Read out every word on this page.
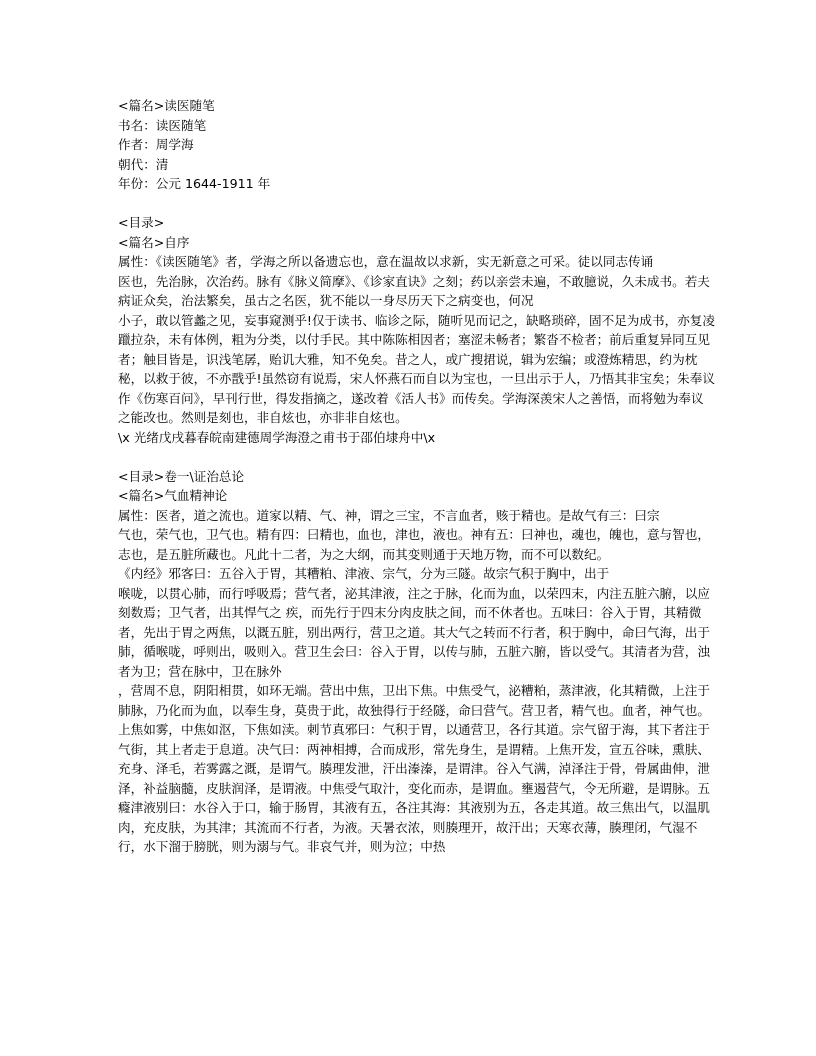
<篇名>读医随笔
书名：读医随笔
作者：周学海
朝代：清
年份：公元 1644-1911 年
<目录>
<篇名>自序
属性：《读医随笔》者，学海之所以备遗忘也，意在温故以求新，实无新意之可采。徒以同志传诵
医也，先治脉，次治药。脉有《脉义简摩》、《诊家直诀》之刻；药以亲尝未遍，不敢臆说，久未成书。若夫病证众矣，治法繁矣，虽古之名医，犹不能以一身尽历天下之病变也，何况
小子，敢以管蠡之见，妄事窥测乎!仅于读书、临诊之际，随听见而记之，缺略琐碎，固不足为成书，亦复凌躐拉杂，未有体例，粗为分类，以付手民。其中陈陈相因者；塞涩未畅者；繁沓不检者；前后重复异同互见者；触目皆是，识浅笔孱，贻讥大雅，知不免矣。昔之人，或广搜捃说，辑为宏编；或澄炼精思，约为枕秘，以救于彼，不亦戬乎!虽然窃有说焉，宋人怀燕石而自以为宝也，一旦出示于人，乃悟其非宝矣；朱奉议作《伤寒百问》，早刊行世，得发指摘之，遂改着《活人书》而传矣。学海深羡宋人之善悟，而将勉为奉议之能改也。然则是刻也，非自炫也，亦非非自炫也。
\x 光绪戊戌暮春皖南建德周学海澄之甫书于邵伯埭舟中\x
<目录>卷一\证治总论
<篇名>气血精神论
属性：医者，道之流也。道家以精、气、神，谓之三宝，不言血者，赅于精也。是故气有三：曰宗
气也，荣气也，卫气也。精有四：曰精也，血也，津也，液也。神有五：曰神也，魂也，魄也，意与智也，志也，是五脏所藏也。凡此十二者，为之大纲，而其变则通于天地万物，而不可以数纪。
《内经》邪客曰：五谷入于胃，其糟粕、津液、宗气，分为三隧。故宗气积于胸中，出于
喉咙，以贯心肺，而行呼吸焉；营气者，泌其津液，注之于脉，化而为血，以荣四末，内注五脏六腑，以应刻数焉；卫气者，出其悍气之 疾，而先行于四末分肉皮肤之间，而不休者也。五味曰：谷入于胃，其精微者，先出于胃之两焦，以溉五脏，别出两行，营卫之道。其大气之转而不行者，积于胸中，命曰气海，出于肺，循喉咙，呼则出，吸则入。营卫生会曰：谷入于胃，以传与肺，五脏六腑，皆以受气。其清者为营，浊者为卫；营在脉中，卫在脉外
，营周不息，阴阳相贯，如环无端。营出中焦，卫出下焦。中焦受气，泌糟粕，蒸津液，化其精微，上注于肺脉，乃化而为血，以奉生身，莫贵于此，故独得行于经隧，命曰营气。营卫者，精气也。血者，神气也。上焦如雾，中焦如沤，下焦如渎。刺节真邪曰：气积于胃，以通营卫，各行其道。宗气留于海，其下者注于气街，其上者走于息道。决气曰：两神相搏，合而成形，常先身生，是谓精。上焦开发，宣五谷味，熏肤、充身、泽毛，若雾露之溉，是谓气。腠理发泄，汗出溱溱，是谓津。谷入气满，淖泽注于骨，骨属曲伸，泄泽，补益脑髓，皮肤润泽，是谓液。中焦受气取汁，变化而赤，是谓血。壅遏营气，令无所避，是谓脉。五癃津液别曰：水谷入于口，输于肠胃，其液有五，各注其海：其液别为五，各走其道。故三焦出气，以温肌肉，充皮肤，为其津；其流而不行者，为液。天暑衣浓，则腠理开，故汗出；天寒衣薄，腠理闭，气湿不行，水下溜于膀胱，则为溺与气。非哀气并，则为泣；中热
